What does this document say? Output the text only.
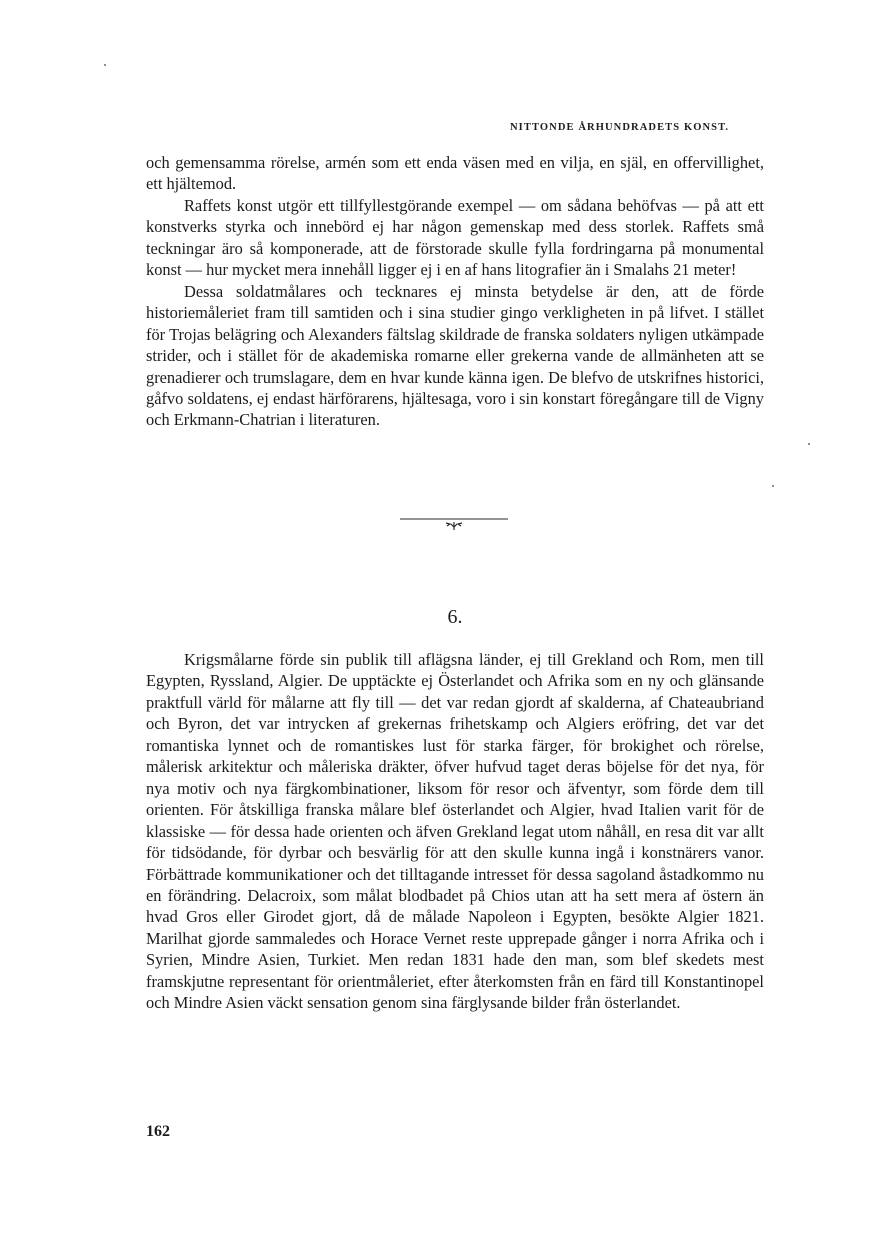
NITTONDE ÅRHUNDRADETS KONST.

och gemensamma rörelse, armén som ett enda väsen med en vilja, en själ, en offervillighet, ett hjältemod.

Raffets konst utgör ett tillfyllestgörande exempel — om sådana behöfvas — på att ett konstverks styrka och innebörd ej har någon gemenskap med dess storlek. Raffets små teckningar äro så komponerade, att de förstorade skulle fylla fordringarna på monumental konst — hur mycket mera innehåll ligger ej i en af hans litografier än i Smalahs 21 meter!

Dessa soldatmålares och tecknares ej minsta betydelse är den, att de förde historiemåleriet fram till samtiden och i sina studier gingo verkligheten in på lifvet. I stället för Trojas belägring och Alexanders fältslag skildrade de franska soldaters nyligen utkämpade strider, och i stället för de akademiska romarne eller grekerna vande de allmänheten att se grenadierer och trumslagare, dem en hvar kunde känna igen. De blefvo de utskrifnes historici, gåfvo soldatens, ej endast härförarens, hjältesaga, voro i sin konstart föregångare till de Vigny och Erkmann-Chatrian i literaturen.

6.

Krigsmålarne förde sin publik till aflägsna länder, ej till Grekland och Rom, men till Egypten, Ryssland, Algier. De upptäckte ej Österlandet och Afrika som en ny och glänsande praktfull värld för målarne att fly till — det var redan gjordt af skalderna, af Chateaubriand och Byron, det var intrycken af grekernas frihetskamp och Algiers eröfring, det var det romantiska lynnet och de romantiskes lust för starka färger, för brokighet och rörelse, målerisk arkitektur och måleriska dräkter, öfver hufvud taget deras böjelse för det nya, för nya motiv och nya färgkombinationer, liksom för resor och äfventyr, som förde dem till orienten. För åtskilliga franska målare blef österlandet och Algier, hvad Italien varit för de klassiske — för dessa hade orienten och äfven Grekland legat utom nåhåll, en resa dit var allt för tidsödande, för dyrbar och besvärlig för att den skulle kunna ingå i konstnärers vanor. Förbättrade kommunikationer och det tilltagande intresset för dessa sagoland åstadkommo nu en förändring. Delacroix, som målat blodbadet på Chios utan att ha sett mera af östern än hvad Gros eller Girodet gjort, då de målade Napoleon i Egypten, besökte Algier 1821. Marilhat gjorde sammaledes och Horace Vernet reste upprepade gånger i norra Afrika och i Syrien, Mindre Asien, Turkiet. Men redan 1831 hade den man, som blef skedets mest framskjutne representant för orientmåleriet, efter återkomsten från en färd till Konstantinopel och Mindre Asien väckt sensation genom sina färglysande bilder från österlandet.

162
